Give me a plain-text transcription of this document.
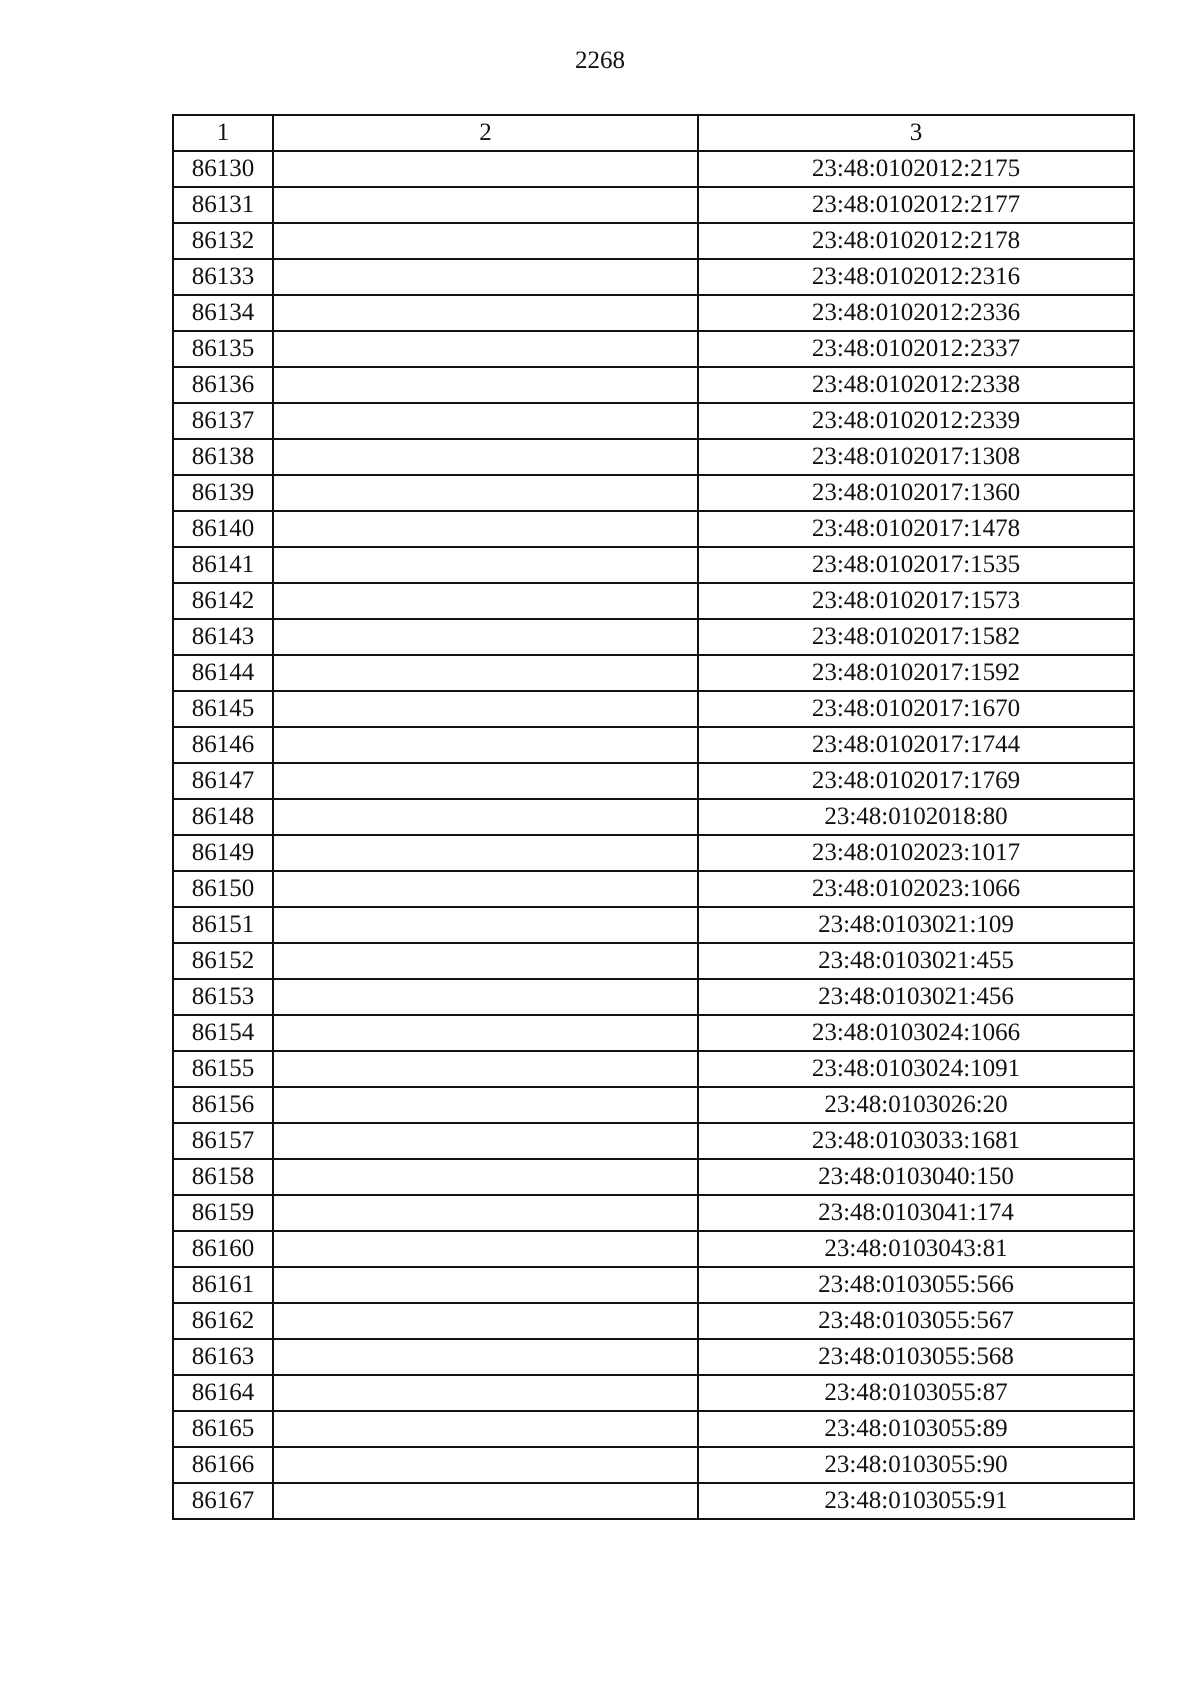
2268
1	2	3
86130		23:48:0102012:2175
86131		23:48:0102012:2177
86132		23:48:0102012:2178
86133		23:48:0102012:2316
86134		23:48:0102012:2336
86135		23:48:0102012:2337
86136		23:48:0102012:2338
86137		23:48:0102012:2339
86138		23:48:0102017:1308
86139		23:48:0102017:1360
86140		23:48:0102017:1478
86141		23:48:0102017:1535
86142		23:48:0102017:1573
86143		23:48:0102017:1582
86144		23:48:0102017:1592
86145		23:48:0102017:1670
86146		23:48:0102017:1744
86147		23:48:0102017:1769
86148		23:48:0102018:80
86149		23:48:0102023:1017
86150		23:48:0102023:1066
86151		23:48:0103021:109
86152		23:48:0103021:455
86153		23:48:0103021:456
86154		23:48:0103024:1066
86155		23:48:0103024:1091
86156		23:48:0103026:20
86157		23:48:0103033:1681
86158		23:48:0103040:150
86159		23:48:0103041:174
86160		23:48:0103043:81
86161		23:48:0103055:566
86162		23:48:0103055:567
86163		23:48:0103055:568
86164		23:48:0103055:87
86165		23:48:0103055:89
86166		23:48:0103055:90
86167		23:48:0103055:91
